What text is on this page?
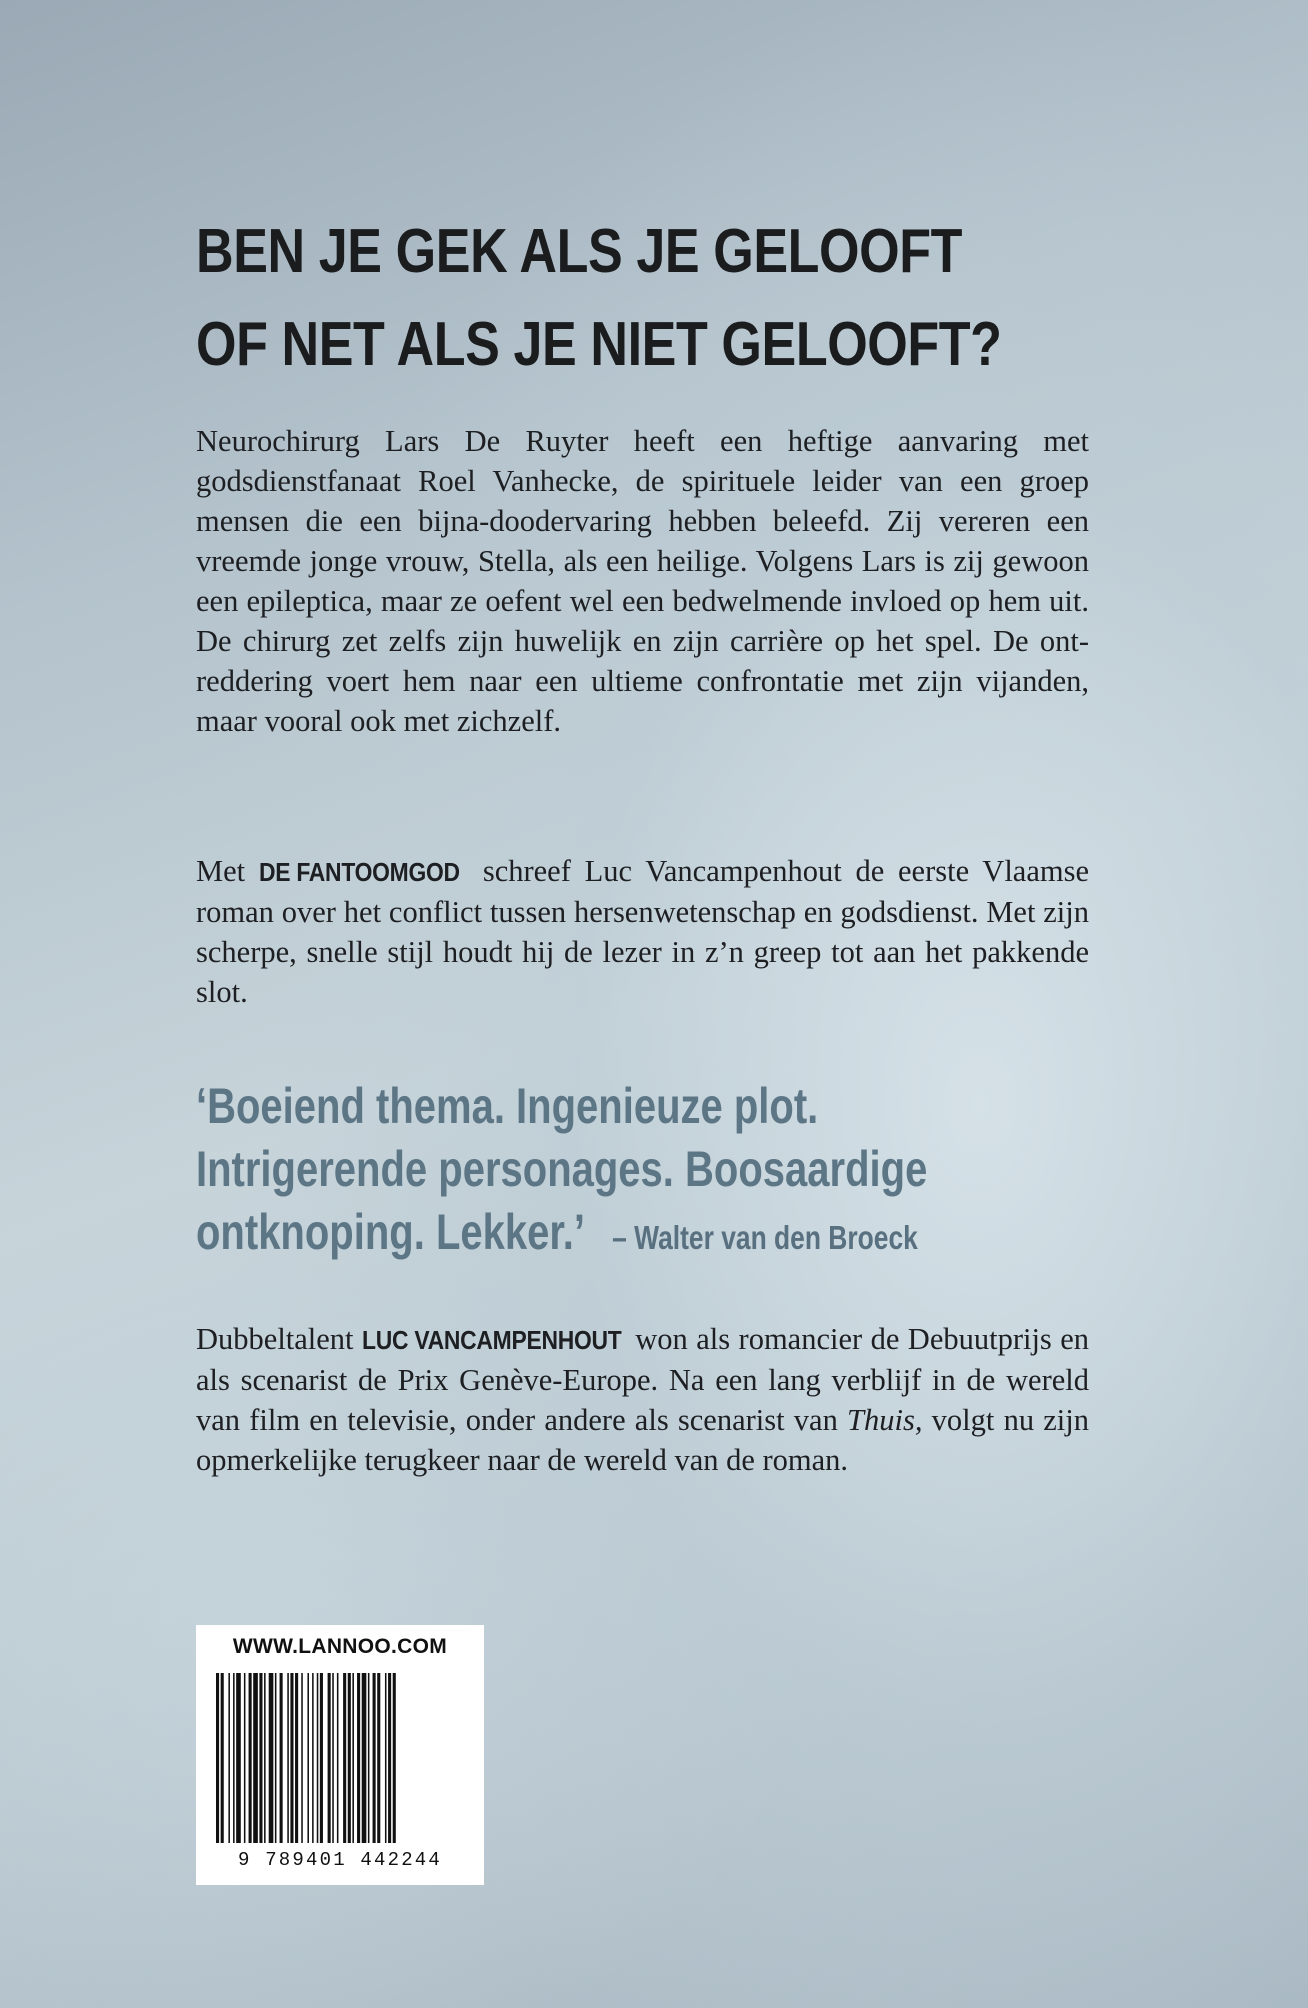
BEN JE GEK ALS JE GELOOFT
OF NET ALS JE NIET GELOOFT?

Neurochirurg Lars De Ruyter heeft een heftige aanvaring met godsdienstfanaat Roel Vanhecke, de spirituele leider van een groep mensen die een bijna-doodervaring hebben beleefd. Zij vereren een vreemde jonge vrouw, Stella, als een heilige. Volgens Lars is zij gewoon een epileptica, maar ze oefent wel een bedwelmende invloed op hem uit. De chirurg zet zelfs zijn huwelijk en zijn carrière op het spel. De ontreddering voert hem naar een ultieme confrontatie met zijn vijanden, maar vooral ook met zichzelf.

Met DE FANTOOMGOD schreef Luc Vancampenhout de eerste Vlaamse roman over het conflict tussen hersenwetenschap en godsdienst. Met zijn scherpe, snelle stijl houdt hij de lezer in z’n greep tot aan het pakkende slot.

‘Boeiend thema. Ingenieuze plot.
Intrigerende personages. Boosaardige
ontknoping. Lekker.’ – Walter van den Broeck

Dubbeltalent LUC VANCAMPENHOUT won als romancier de Debuutprijs en als scenarist de Prix Genève-Europe. Na een lang verblijf in de wereld van film en televisie, onder andere als scenarist van Thuis, volgt nu zijn opmerkelijke terugkeer naar de wereld van de roman.

WWW.LANNOO.COM
9 789401 442244
